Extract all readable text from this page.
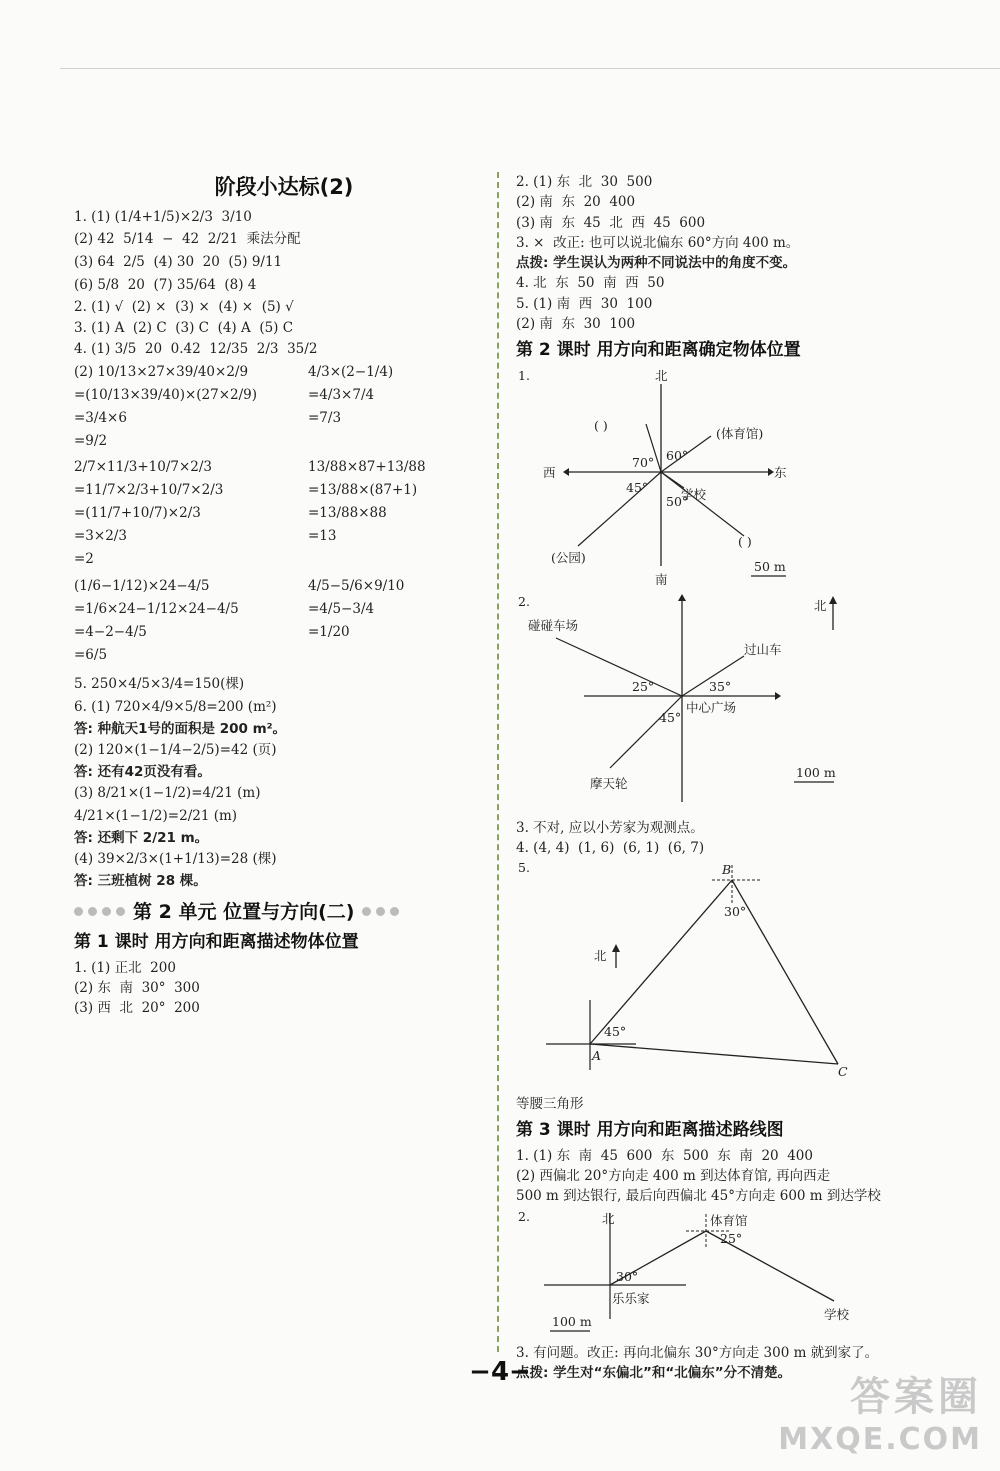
阶段小达标(2)

1. (1) (1/4+1/5)×2/3  3/10

(2) 42  5/14  −  42  2/21  乘法分配

(3) 64  2/5  (4) 30  20  (5) 9/11

(6) 5/8  20  (7) 35/64  (8) 4

2. (1) √  (2) ×  (3) ×  (4) ×  (5) √

3. (1) A  (2) C  (3) C  (4) A  (5) C

4. (1) 3/5  20  0.42  12/35  2/3  35/2

(2) 10/13×27×39/40×2/9

=(10/13×39/40)×(27×2/9)

=3/4×6

=9/2

4/3×(2−1/4)

=4/3×7/4

=7/3

2/7×11/3+10/7×2/3

=11/7×2/3+10/7×2/3

=(11/7+10/7)×2/3

=3×2/3

=2

13/88×87+13/88

=13/88×(87+1)

=13/88×88

=13

(1/6−1/12)×24−4/5

=1/6×24−1/12×24−4/5

=4−2−4/5

=6/5

4/5−5/6×9/10

=4/5−3/4

=1/20

5. 250×4/5×3/4=150(棵)

6. (1) 720×4/9×5/8=200 (m²)

答: 种航天1号的面积是 200 m²。

(2) 120×(1−1/4−2/5)=42 (页)

答: 还有42页没有看。

(3) 8/21×(1−1/2)=4/21 (m)

4/21×(1−1/2)=2/21 (m)

答: 还剩下 2/21 m。

(4) 39×2/3×(1+1/13)=28 (棵)

答: 三班植树 28 棵。

第 2 单元 位置与方向(二)
第 1 课时 用方向和距离描述物体位置

1. (1) 正北  200

(2) 东  南  30°  300

(3) 西  北  20°  200

2. (1) 东  北  30  500

(2) 南  东  20  400

(3) 南  东  45  北  西  45  600

3. ×  改正: 也可以说北偏东 60°方向 400 m。

点拨: 学生误认为两种不同说法中的角度不变。

4. 北  东  50  南  西  50

5. (1) 南  西  30  100

(2) 南  东  30  100

第 2 课时 用方向和距离确定物体位置
1.	北
南
东
西
(体育馆)
( )
( )
(公园)
学校
60°
70°
45°
50°
50 m
2.
碰碰车场
过山车
摩天轮
中心广场
25°	35°
45°
北
100 m

3. 不对, 应以小芳家为观测点。

4. (4, 4)  (1, 6)  (6, 1)  (6, 7)

5.	B
A
C
30°
45°
北

等腰三角形

第 3 课时 用方向和距离描述路线图

1. (1) 东  南  45  600  东  500  东  南  20  400

(2) 西偏北 20°方向走 400 m 到达体育馆, 再向西走

500 m 到达银行, 最后向西偏北 45°方向走 600 m 到达学校

2.	北	体育馆
乐乐家
学校
30°
25°
100 m

3. 有问题。改正: 再向北偏东 30°方向走 300 m 就到家了。

点拨: 学生对“东偏北”和“北偏东”分不清楚。

−4−
答案圈
MXQE.COM
